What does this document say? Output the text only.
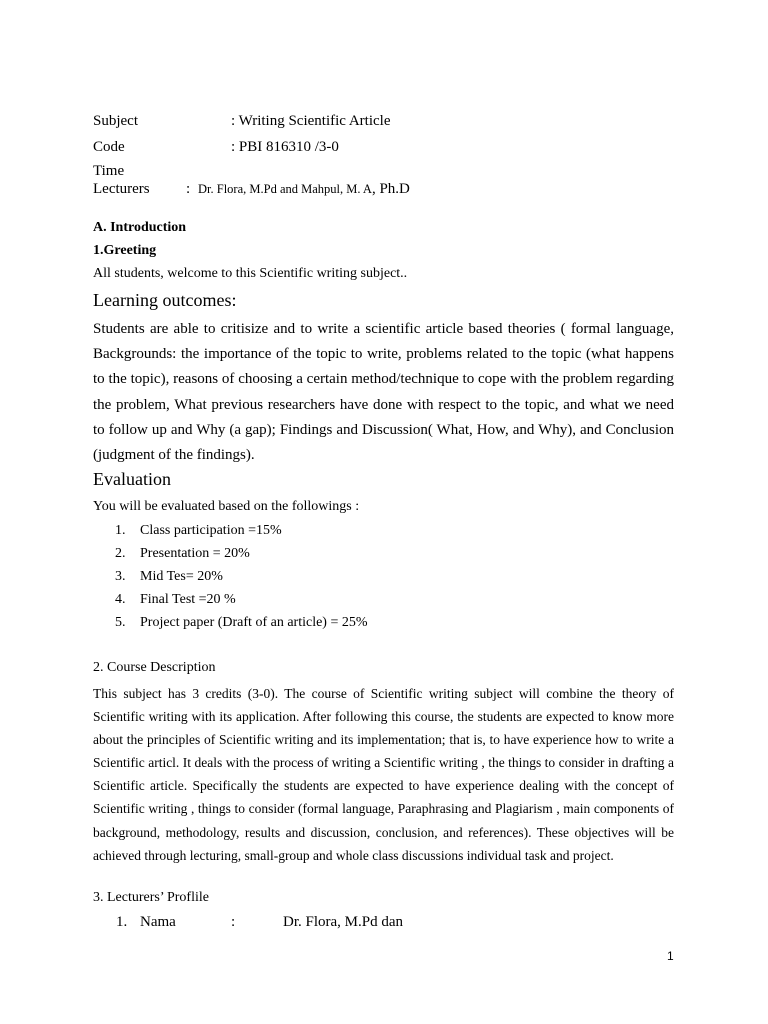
Subject	: Writing Scientific Article
Code	: PBI 816310 /3-0
Time
Lecturers : Dr. Flora, M.Pd and Mahpul, M. A, Ph.D
A. Introduction
1.Greeting
All students, welcome to this Scientific writing subject..
Learning outcomes:
Students are able to critisize and to write a scientific article based theories ( formal language, Backgrounds: the importance of the topic to write, problems related to the topic (what happens to the topic), reasons of choosing a certain method/technique to cope with the problem regarding the problem, What previous researchers have done with respect to the topic, and what we need to follow up and Why (a gap); Findings and Discussion( What, How, and Why), and Conclusion (judgment of the findings).
Evaluation
You will be evaluated based on the followings :
1. Class participation =15%
2. Presentation = 20%
3. Mid Tes= 20%
4. Final Test =20 %
5. Project paper (Draft of an article) = 25%
2. Course Description
This subject has 3 credits (3-0). The course of Scientific writing subject will combine the theory of Scientific writing with its application. After following this course, the students are expected to know more about the principles of Scientific writing and its implementation; that is, to have experience how to write a Scientific articl. It deals with the process of writing a Scientific writing , the things to consider in drafting a Scientific article. Specifically the students are expected to have experience dealing with the concept of Scientific writing , things to consider (formal language, Paraphrasing and Plagiarism , main components of background, methodology, results and discussion, conclusion, and references). These objectives will be achieved through lecturing, small-group and whole class discussions individual task and project.
3. Lecturers’ Proflile
1. Nama	:	Dr. Flora, M.Pd dan
1
